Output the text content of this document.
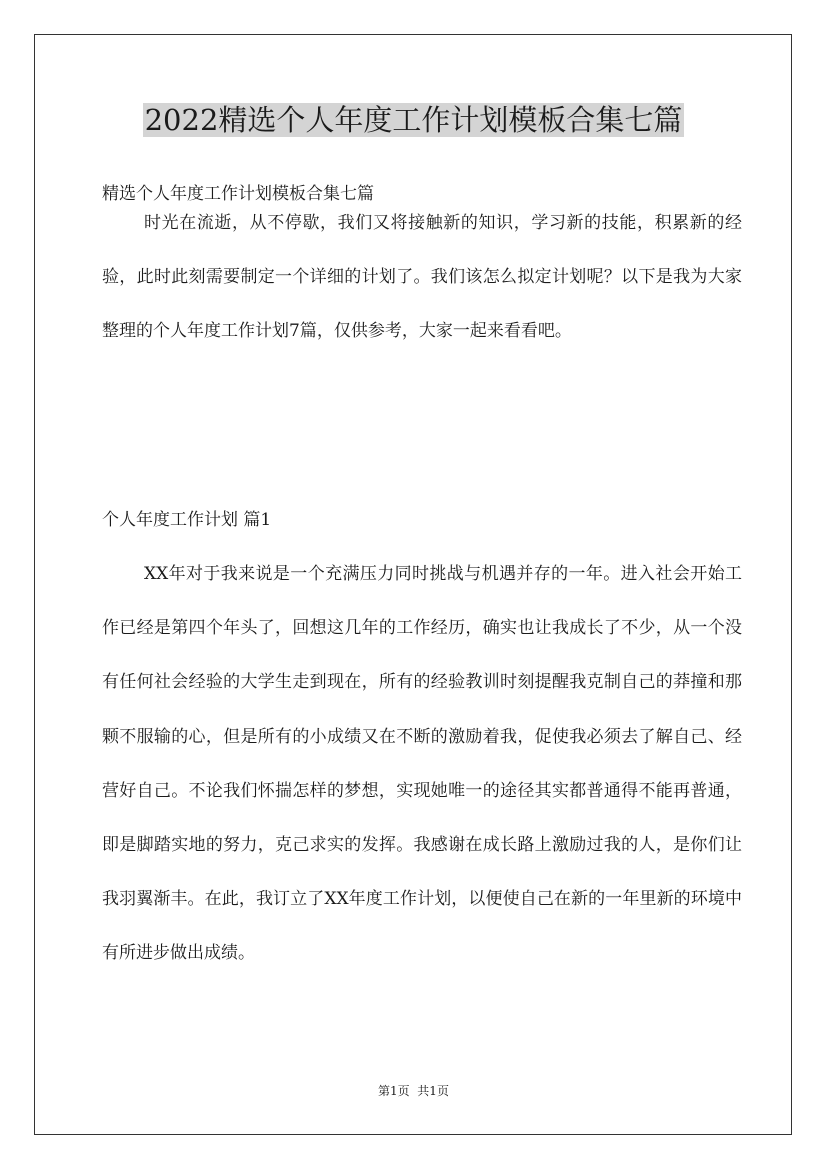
2022精选个人年度工作计划模板合集七篇
精选个人年度工作计划模板合集七篇

时光在流逝，从不停歇，我们又将接触新的知识，学习新的技能，积累新的经验，此时此刻需要制定一个详细的计划了。我们该怎么拟定计划呢？以下是我为大家整理的个人年度工作计划7篇，仅供参考，大家一起来看看吧。

个人年度工作计划 篇1

XX年对于我来说是一个充满压力同时挑战与机遇并存的一年。进入社会开始工作已经是第四个年头了，回想这几年的工作经历，确实也让我成长了不少，从一个没有任何社会经验的大学生走到现在，所有的经验教训时刻提醒我克制自己的莽撞和那颗不服输的心，但是所有的小成绩又在不断的激励着我，促使我必须去了解自己、经营好自己。不论我们怀揣怎样的梦想，实现她唯一的途径其实都普通得不能再普通，即是脚踏实地的努力，克己求实的发挥。我感谢在成长路上激励过我的人，是你们让我羽翼渐丰。在此，我订立了XX年度工作计划，以便使自己在新的一年里新的环境中有所进步做出成绩。

第1页  共1页
